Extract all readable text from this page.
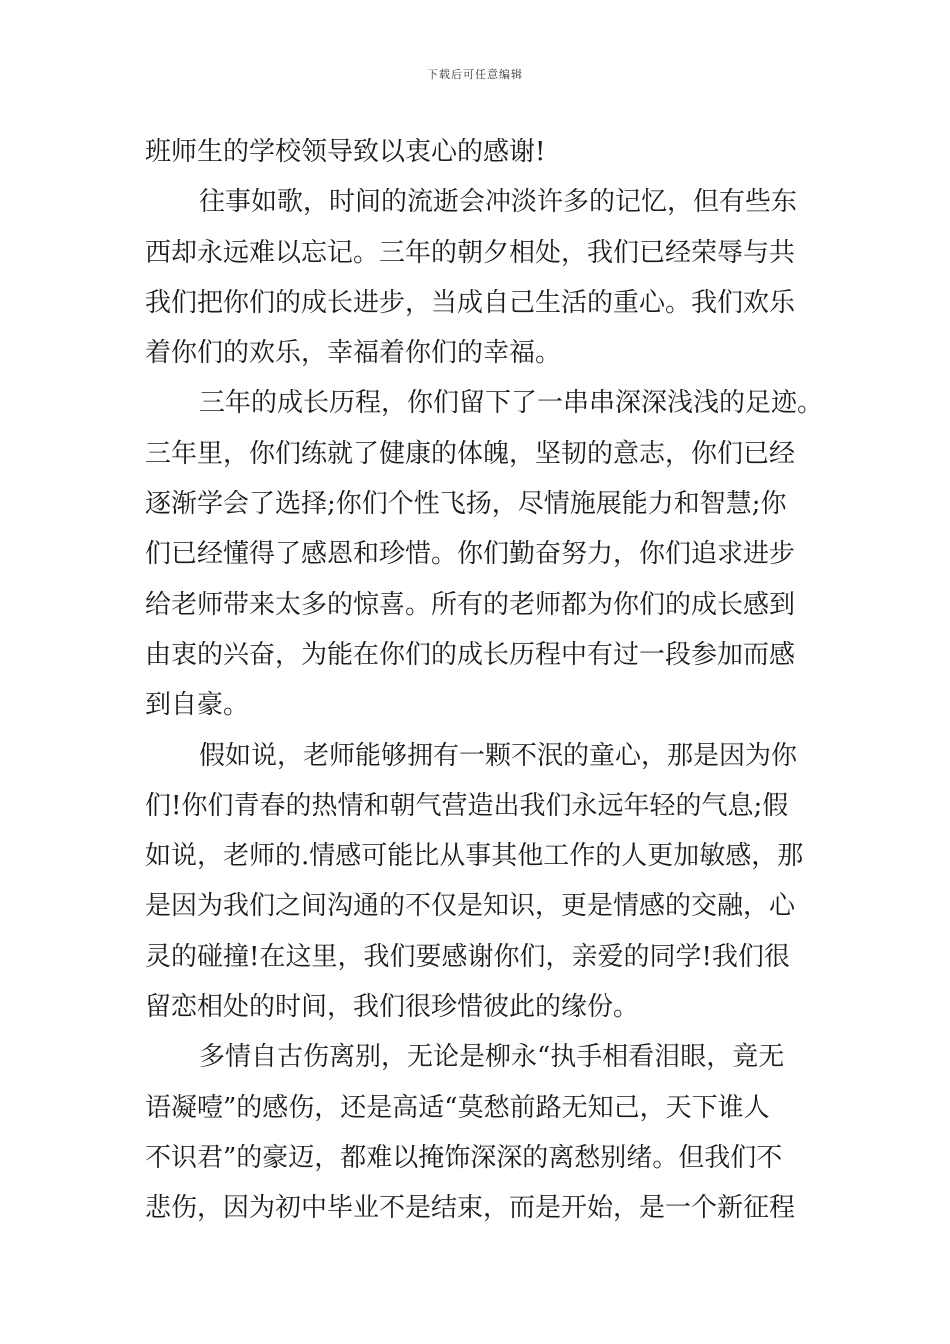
下载后可任意编辑
班师生的学校领导致以衷心的感谢!
往事如歌，时间的流逝会冲淡许多的记忆，但有些东
西却永远难以忘记。三年的朝夕相处，我们已经荣辱与共
我们把你们的成长进步，当成自己生活的重心。我们欢乐
着你们的欢乐，幸福着你们的幸福。
三年的成长历程，你们留下了一串串深深浅浅的足迹。
三年里，你们练就了健康的体魄，坚韧的意志，你们已经
逐渐学会了选择;你们个性飞扬，尽情施展能力和智慧;你
们已经懂得了感恩和珍惜。你们勤奋努力，你们追求进步
给老师带来太多的惊喜。所有的老师都为你们的成长感到
由衷的兴奋，为能在你们的成长历程中有过一段参加而感
到自豪。
假如说，老师能够拥有一颗不泯的童心，那是因为你
们!你们青春的热情和朝气营造出我们永远年轻的气息;假
如说，老师的.情感可能比从事其他工作的人更加敏感，那
是因为我们之间沟通的不仅是知识，更是情感的交融，心
灵的碰撞!在这里，我们要感谢你们，亲爱的同学!我们很
留恋相处的时间，我们很珍惜彼此的缘份。
多情自古伤离别，无论是柳永“执手相看泪眼，竟无
语凝噎”的感伤，还是高适“莫愁前路无知己，天下谁人
不识君”的豪迈，都难以掩饰深深的离愁别绪。但我们不
悲伤，因为初中毕业不是结束，而是开始，是一个新征程
